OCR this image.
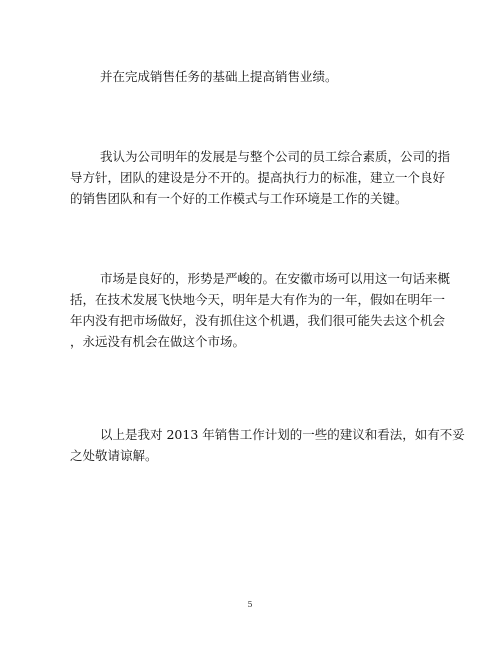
并在完成销售任务的基础上提高销售业绩。
我认为公司明年的发展是与整个公司的员工综合素质，公司的指
导方针，团队的建设是分不开的。提高执行力的标准，建立一个良好
的销售团队和有一个好的工作模式与工作环境是工作的关键。
市场是良好的，形势是严峻的。在安徽市场可以用这一句话来概
括，在技术发展飞快地今天，明年是大有作为的一年，假如在明年一
年内没有把市场做好，没有抓住这个机遇，我们很可能失去这个机会
，永远没有机会在做这个市场。
以上是我对 2013 年销售工作计划的一些的建议和看法，如有不妥
之处敬请谅解。
5
